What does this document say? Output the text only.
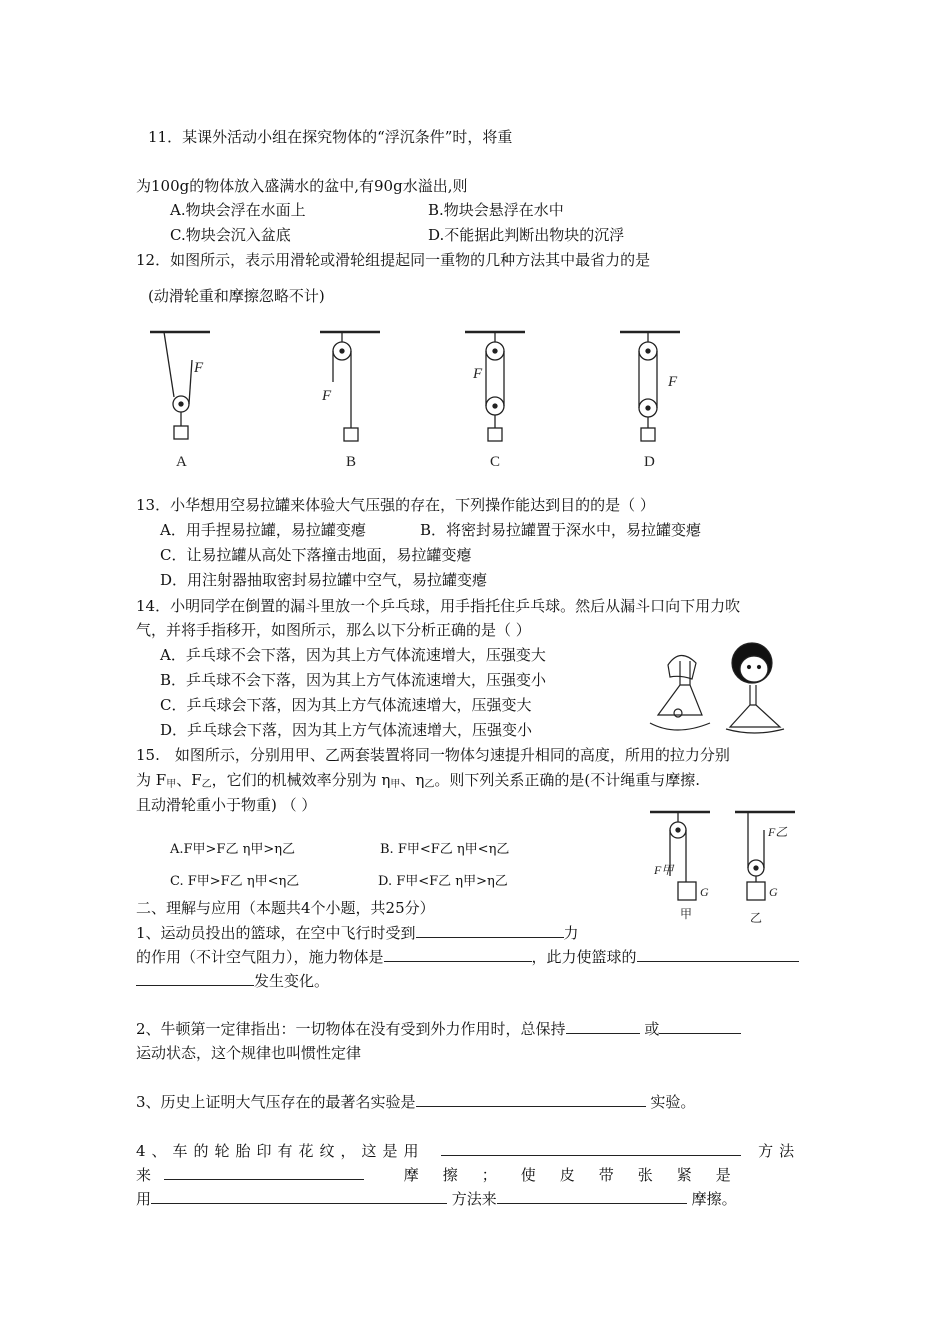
11．某课外活动小组在探究物体的“浮沉条件”时，将重
为100g的物体放入盛满水的盆中,有90g水溢出,则
A.物块会浮在水面上	B.物块会悬浮在水中
C.物块会沉入盆底	D.不能据此判断出物块的沉浮
12．如图所示，表示用滑轮或滑轮组提起同一重物的几种方法其中最省力的是
(动滑轮重和摩擦忽略不计)
F
F
F	F
A	B	C	D
13．小华想用空易拉罐来体验大气压强的存在，下列操作能达到目的的是（ ）
A．用手捏易拉罐，易拉罐变瘪	B．将密封易拉罐置于深水中，易拉罐变瘪
C．让易拉罐从高处下落撞击地面，易拉罐变瘪
D．用注射器抽取密封易拉罐中空气，易拉罐变瘪
14．小明同学在倒置的漏斗里放一个乒乓球，用手指托住乒乓球。然后从漏斗口向下用力吹
气，并将手指移开，如图所示，那么以下分析正确的是（ ）
A．乒乓球不会下落，因为其上方气体流速增大，压强变大
B．乒乓球不会下落，因为其上方气体流速增大，压强变小
C．乒乓球会下落，因为其上方气体流速增大，压强变大
D．乒乓球会下落，因为其上方气体流速增大，压强变小
15.　如图所示，分别用甲、乙两套装置将同一物体匀速提升相同的高度，所用的拉力分别
为 $F_甲$、$F_乙$，它们的机械效率分别为 $\eta_甲$、$\eta_乙$。则下列关系正确的是(不计绳重与摩擦.
且动滑轮重小于物重) （ ）
A.F甲>F乙 η甲>η乙	B. F甲<F乙 η甲<η乙
C. F甲>F乙 η甲<η乙	D. F甲<F乙 η甲>η乙
F甲
F乙
G	G
甲	乙
二、理解与应用（本题共4个小题，共25分）
1、运动员投出的篮球，在空中飞行时受到	力
的作用（不计空气阻力），施力物体是	，此力使篮球的
发生变化。
2、牛顿第一定律指出：一切物体在没有受到外力作用时，总保持	或
运动状态，这个规律也叫惯性定律
3、历史上证明大气压存在的最著名实验是	实验。
4、车的轮胎印有花纹，这是用	方法
来	摩擦；使皮带张紧是
用	方法来	摩擦。
